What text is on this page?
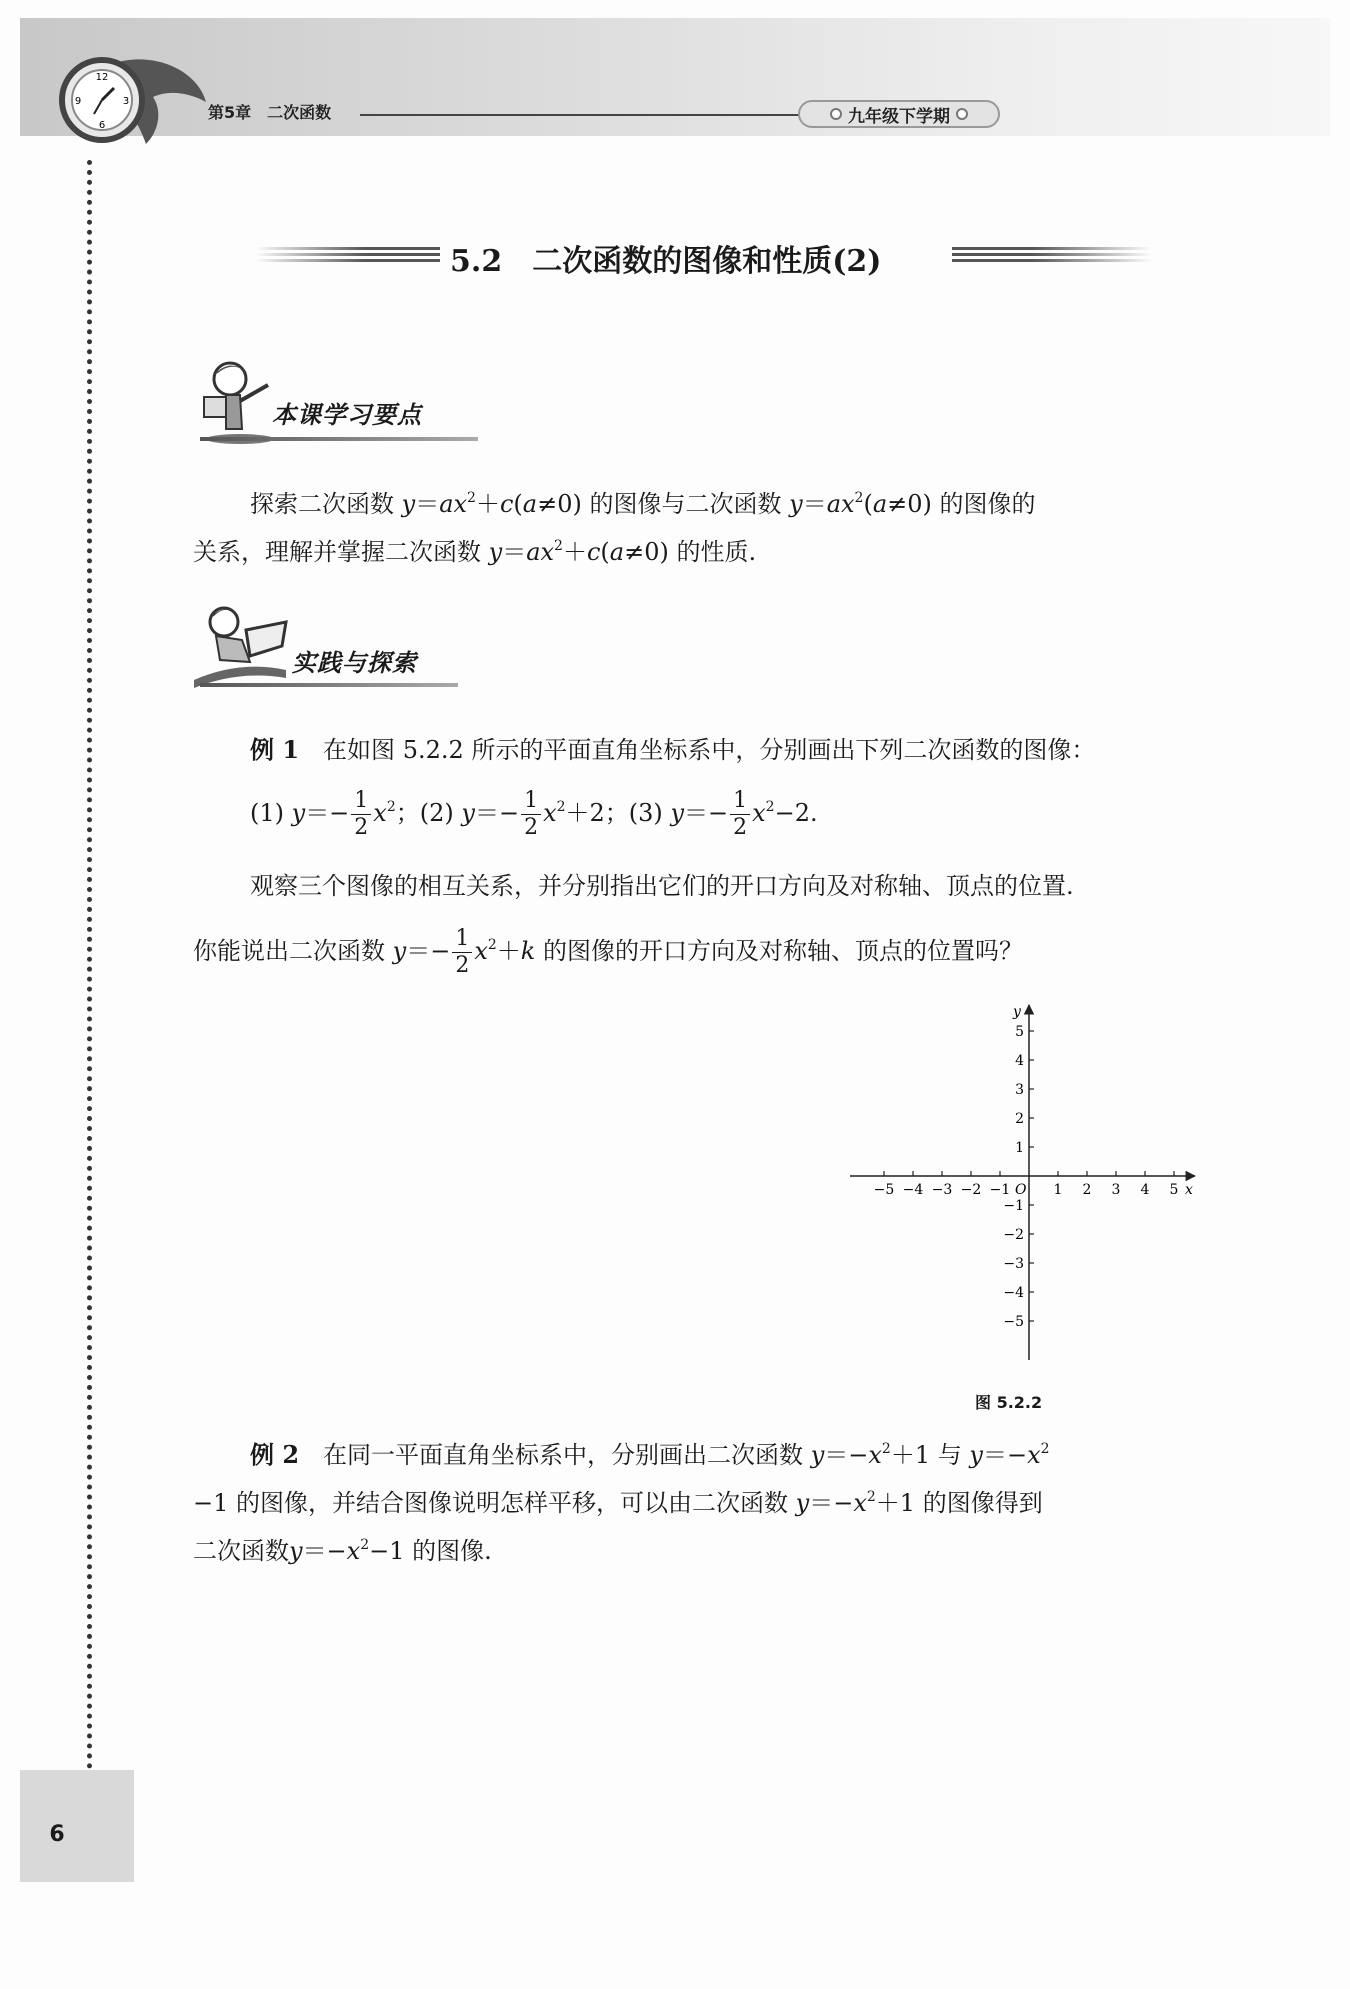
12
3
6
9
第5章　二次函数	九年级下学期
6
5.2 二次函数的图像和性质(2)
本课学习要点
探索二次函数 $y=ax^2+c(a\ne 0)$ 的图像与二次函数 $y=ax^2(a\ne 0)$ 的图像的
关系，理解并掌握二次函数 $y=ax^2+c(a\ne 0)$ 的性质.
实践与探索
例 1　在如图 5.2.2 所示的平面直角坐标系中，分别画出下列二次函数的图像：
(1) $y=- \frac{1}{2} x^2$；(2) $y=- \frac{1}{2} x^2+2$；(3) $y=- \frac{1}{2} x^2-2$.
观察三个图像的相互关系，并分别指出它们的开口方向及对称轴、顶点的位置.
你能说出二次函数 $y=- \frac{1}{2} x^2+k$ 的图像的开口方向及对称轴、顶点的位置吗？
−5 −4 −3 −2 −1	1 2 3 4 5
5
4
3
2
1
−1
−2
−3
−4
−5
x
y
O
图 5.2.2
例 2　在同一平面直角坐标系中，分别画出二次函数 $y=-x^2+1$ 与 $y=-x^2$
−1 的图像，并结合图像说明怎样平移，可以由二次函数 $y=-x^2+1$ 的图像得到
二次函数$y=-x^2-1$ 的图像.
